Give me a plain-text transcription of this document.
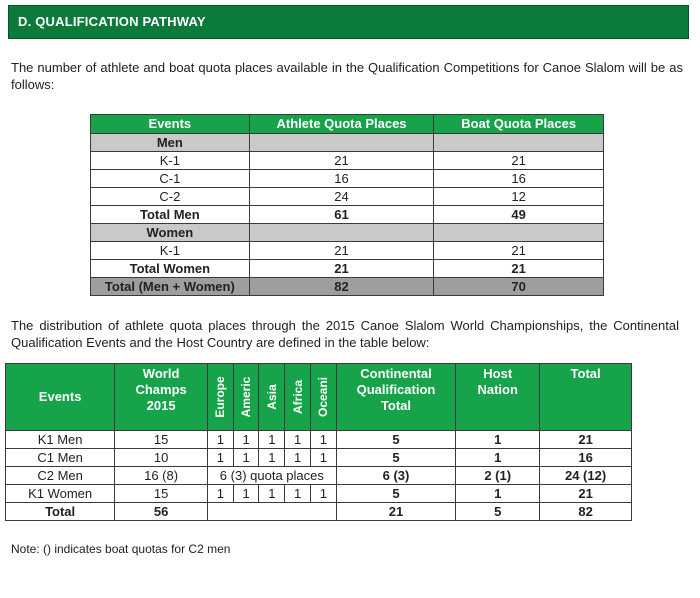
D. QUALIFICATION PATHWAY
The number of athlete and boat quota places available in the Qualification Competitions for Canoe Slalom will be as follows:
Events	Athlete Quota Places	Boat Quota Places
Men		
K-1	21	21
C-1	16	16
C-2	24	12
Total Men	61	49
Women		
K-1	21	21
Total Women	21	21
Total (Men + Women)	82	70
The distribution of athlete quota places through the 2015 Canoe Slalom World Championships, the Continental Qualification Events and the Host Country are defined in the table below:
Events	World Champs 2015	Europe	Americ	Asia	Africa	Oceani	Continental Qualification Total	Host Nation	Total
K1 Men	15	1	1	1	1	1	5	1	21
C1 Men	10	1	1	1	1	1	5	1	16
C2 Men	16 (8)	6 (3) quota places					6 (3)	2 (1)	24 (12)
K1 Women	15	1	1	1	1	1	5	1	21
Total	56						21	5	82
Note: () indicates boat quotas for C2 men
